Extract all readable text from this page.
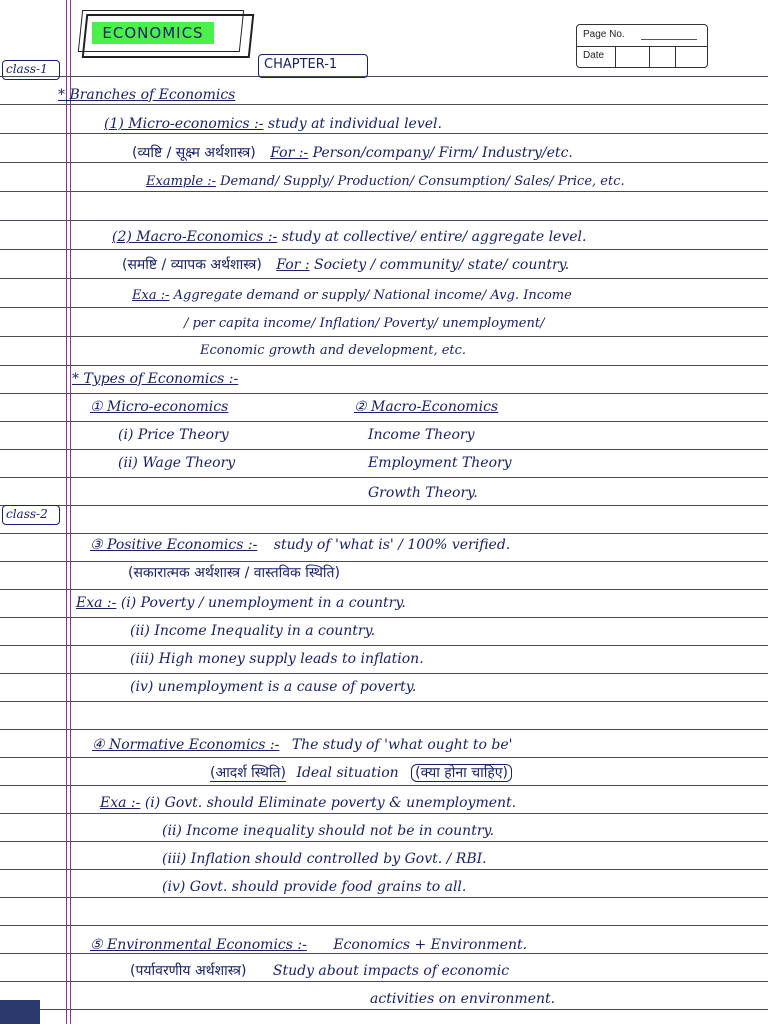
ECONOMICS	Page No.
Date
CHAPTER-1
class-1
class-2
* Branches of Economics
(1) Micro-economics :- study at individual level.
(व्यष्टि / सूक्ष्म अर्थशास्त्र) For :- Person/company/ Firm/ Industry/etc.
Example :- Demand/ Supply/ Production/ Consumption/ Sales/ Price, etc.
(2) Macro-Economics :- study at collective/ entire/ aggregate level.
(समष्टि / व्यापक अर्थशास्त्र) For : Society / community/ state/ country.
Exa :- Aggregate demand or supply/ National income/ Avg. Income
/ per capita income/ Inflation/ Poverty/ unemployment/
Economic growth and development, etc.
* Types of Economics :-
① Micro-economics
(i) Price Theory
(ii) Wage Theory
② Macro-Economics
Income Theory
Employment Theory
Growth Theory.
③ Positive Economics :- study of 'what is' / 100% verified.
(सकारात्मक अर्थशास्त्र / वास्तविक स्थिति)
Exa :- (i) Poverty / unemployment in a country.
(ii) Income Inequality in a country.
(iii) High money supply leads to inflation.
(iv) unemployment is a cause of poverty.
④ Normative Economics :- The study of 'what ought to be'
(आदर्श स्थिति) Ideal situation (क्या होना चाहिए)
Exa :- (i) Govt. should Eliminate poverty & unemployment.
(ii) Income inequality should not be in country.
(iii) Inflation should controlled by Govt. / RBI.
(iv) Govt. should provide food grains to all.
⑤ Environmental Economics :- Economics + Environment.
(पर्यावरणीय अर्थशास्त्र) Study about impacts of economic
activities on environment.
